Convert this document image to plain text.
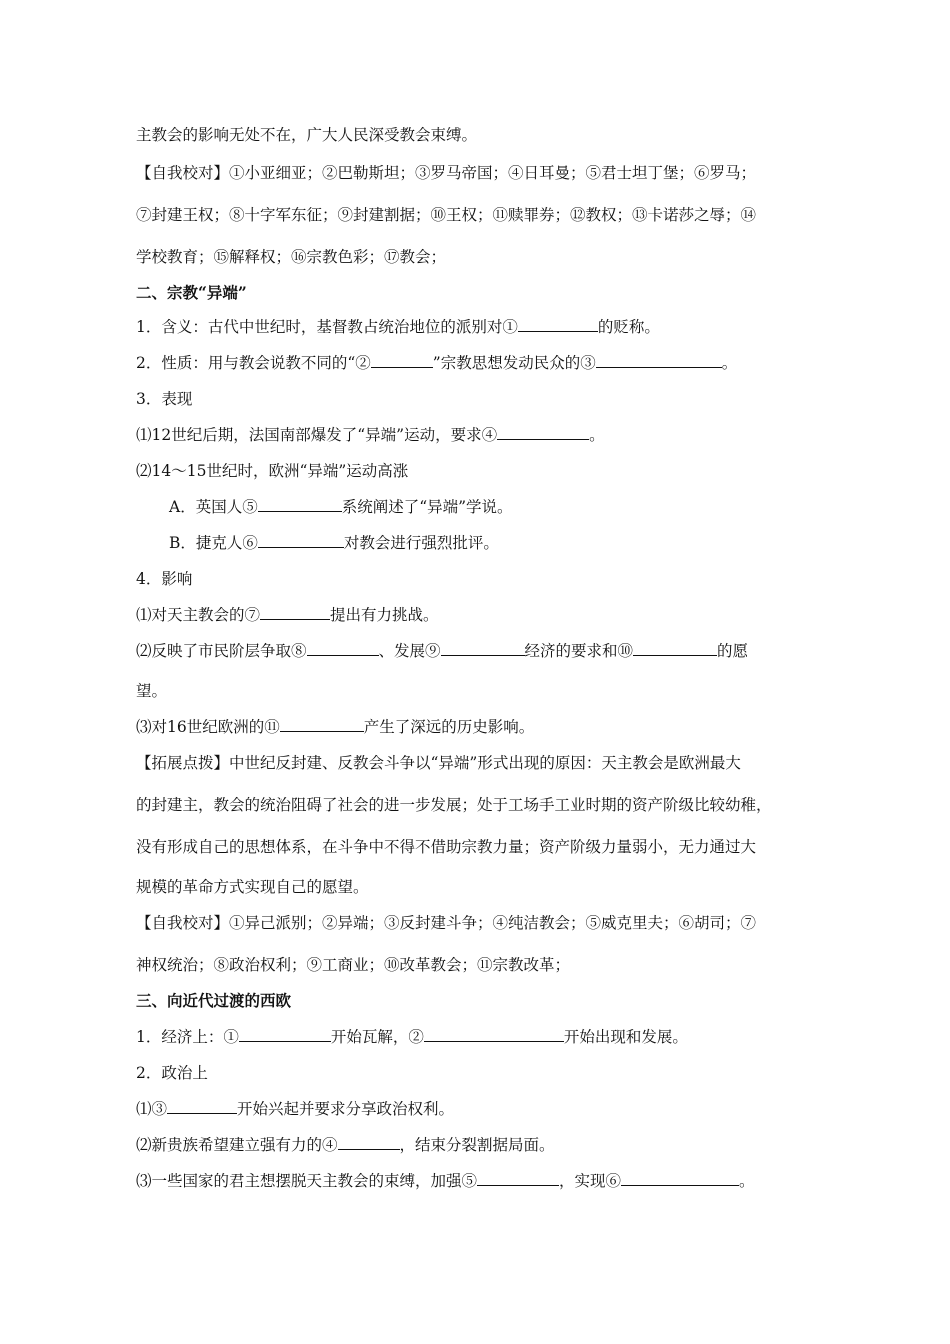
主教会的影响无处不在，广大人民深受教会束缚。
【自我校对】①小亚细亚；②巴勒斯坦；③罗马帝国；④日耳曼；⑤君士坦丁堡；⑥罗马；
⑦封建王权；⑧十字军东征；⑨封建割据；⑩王权；⑪赎罪券；⑫教权；⑬卡诺莎之辱；⑭
学校教育；⑮解释权；⑯宗教色彩；⑰教会；
二、宗教“异端”
1．含义：古代中世纪时，基督教占统治地位的派别对①	的贬称。
2．性质：用与教会说教不同的“②	”宗教思想发动民众的③	。
3．表现
⑴12世纪后期，法国南部爆发了“异端”运动，要求④	。
⑵14～15世纪时，欧洲“异端”运动高涨
A．英国人⑤	系统阐述了“异端”学说。
B．捷克人⑥	对教会进行强烈批评。
4．影响
⑴对天主教会的⑦	提出有力挑战。
⑵反映了市民阶层争取⑧	、发展⑨	经济的要求和⑩	的愿
望。
⑶对16世纪欧洲的⑪	产生了深远的历史影响。
【拓展点拨】中世纪反封建、反教会斗争以“异端”形式出现的原因：天主教会是欧洲最大
的封建主，教会的统治阻碍了社会的进一步发展；处于工场手工业时期的资产阶级比较幼稚，
没有形成自己的思想体系，在斗争中不得不借助宗教力量；资产阶级力量弱小，无力通过大
规模的革命方式实现自己的愿望。
【自我校对】①异己派别；②异端；③反封建斗争；④纯洁教会；⑤威克里夫；⑥胡司；⑦
神权统治；⑧政治权利；⑨工商业；⑩改革教会；⑪宗教改革；
三、向近代过渡的西欧
1．经济上：①	开始瓦解，②	开始出现和发展。
2．政治上
⑴③	开始兴起并要求分享政治权利。
⑵新贵族希望建立强有力的④	，结束分裂割据局面。
⑶一些国家的君主想摆脱天主教会的束缚，加强⑤	，实现⑥	。
